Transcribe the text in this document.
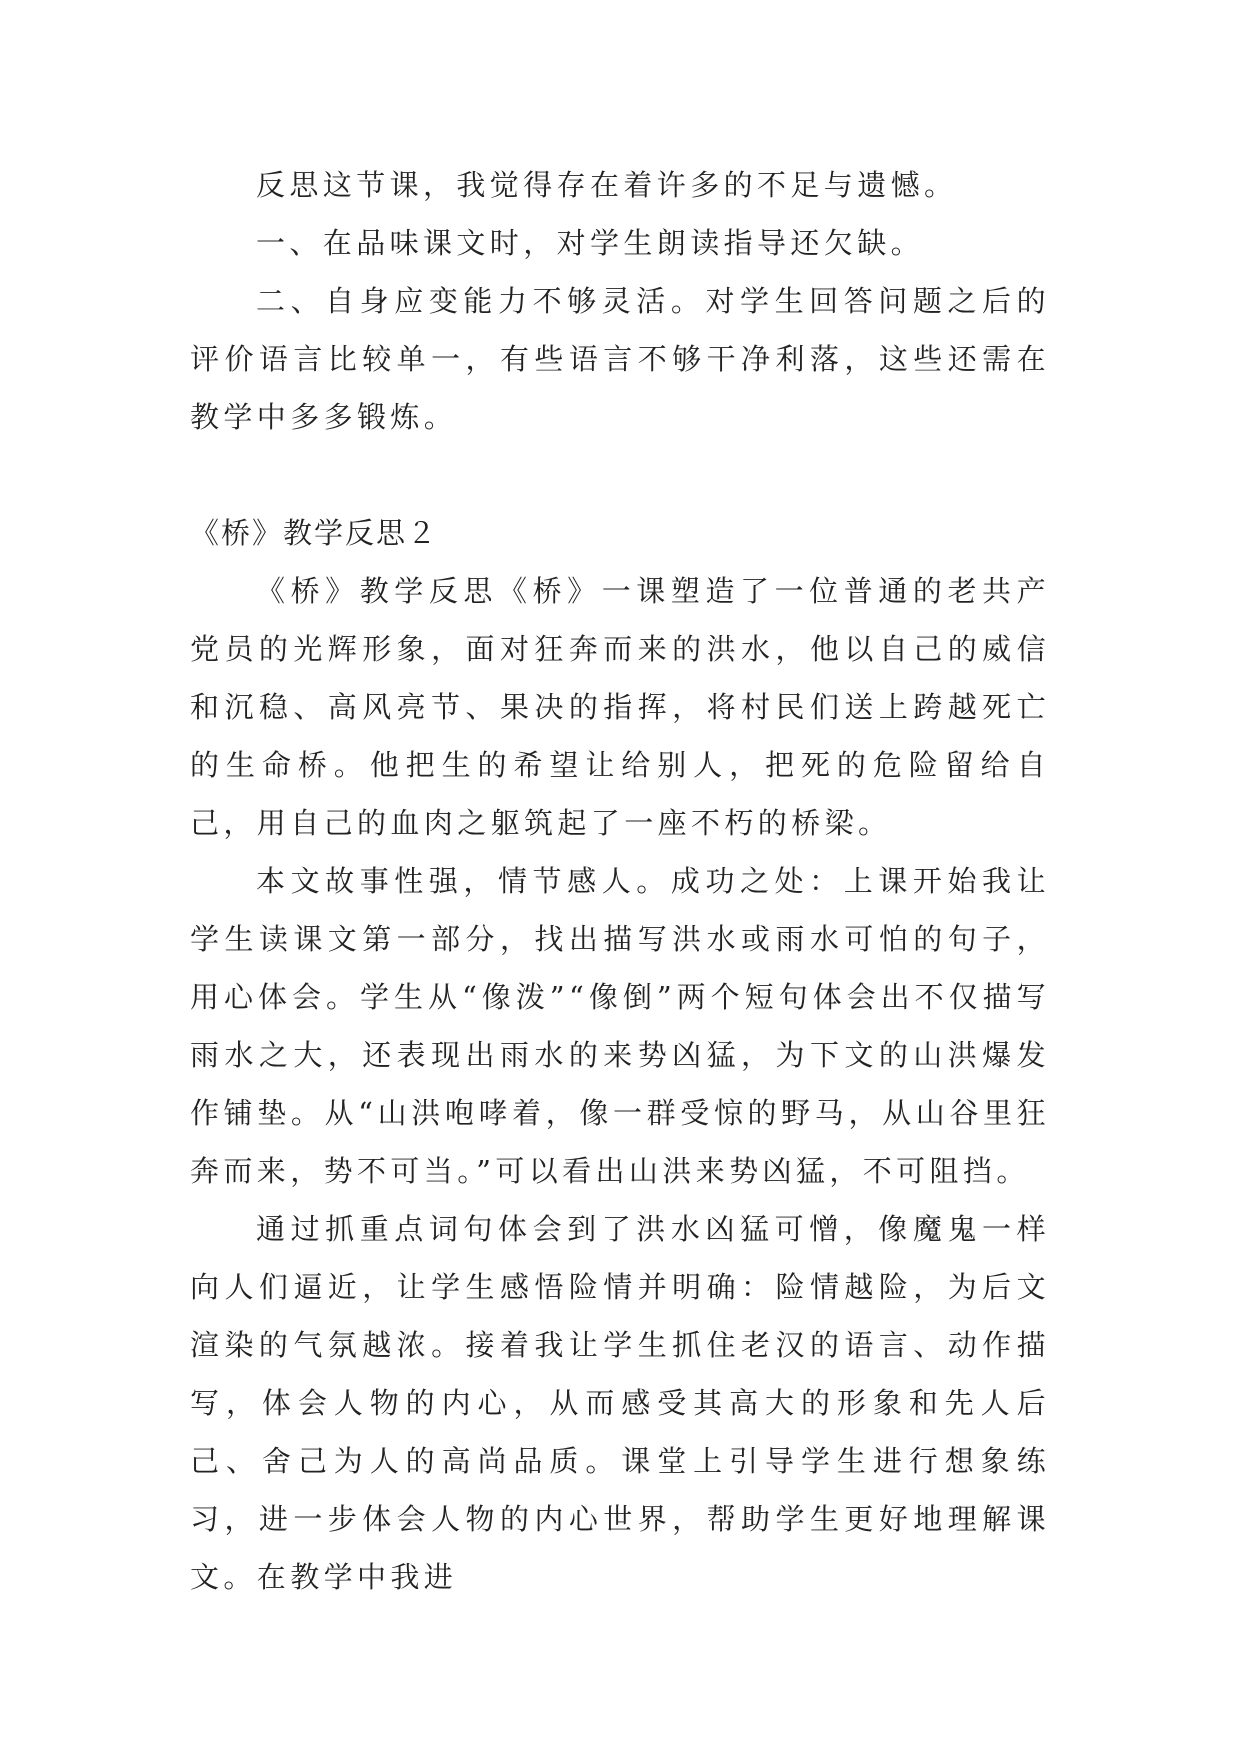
反思这节课，我觉得存在着许多的不足与遗憾。

一、在品味课文时，对学生朗读指导还欠缺。

二、自身应变能力不够灵活。对学生回答问题之后的评价语言比较单一，有些语言不够干净利落，这些还需在教学中多多锻炼。

《桥》教学反思２

《桥》教学反思《桥》一课塑造了一位普通的老共产党员的光辉形象，面对狂奔而来的洪水，他以自己的威信和沉稳、高风亮节、果决的指挥，将村民们送上跨越死亡的生命桥。他把生的希望让给别人，把死的危险留给自己，用自己的血肉之躯筑起了一座不朽的桥梁。

本文故事性强，情节感人。成功之处：上课开始我让学生读课文第一部分，找出描写洪水或雨水可怕的句子，用心体会。学生从“像泼”“像倒”两个短句体会出不仅描写雨水之大，还表现出雨水的来势凶猛，为下文的山洪爆发作铺垫。从“山洪咆哮着，像一群受惊的野马，从山谷里狂奔而来，势不可当。”可以看出山洪来势凶猛，不可阻挡。

通过抓重点词句体会到了洪水凶猛可憎，像魔鬼一样向人们逼近，让学生感悟险情并明确：险情越险，为后文渲染的气氛越浓。接着我让学生抓住老汉的语言、动作描写，体会人物的内心，从而感受其高大的形象和先人后己、舍己为人的高尚品质。课堂上引导学生进行想象练习，进一步体会人物的内心世界，帮助学生更好地理解课文。在教学中我进
